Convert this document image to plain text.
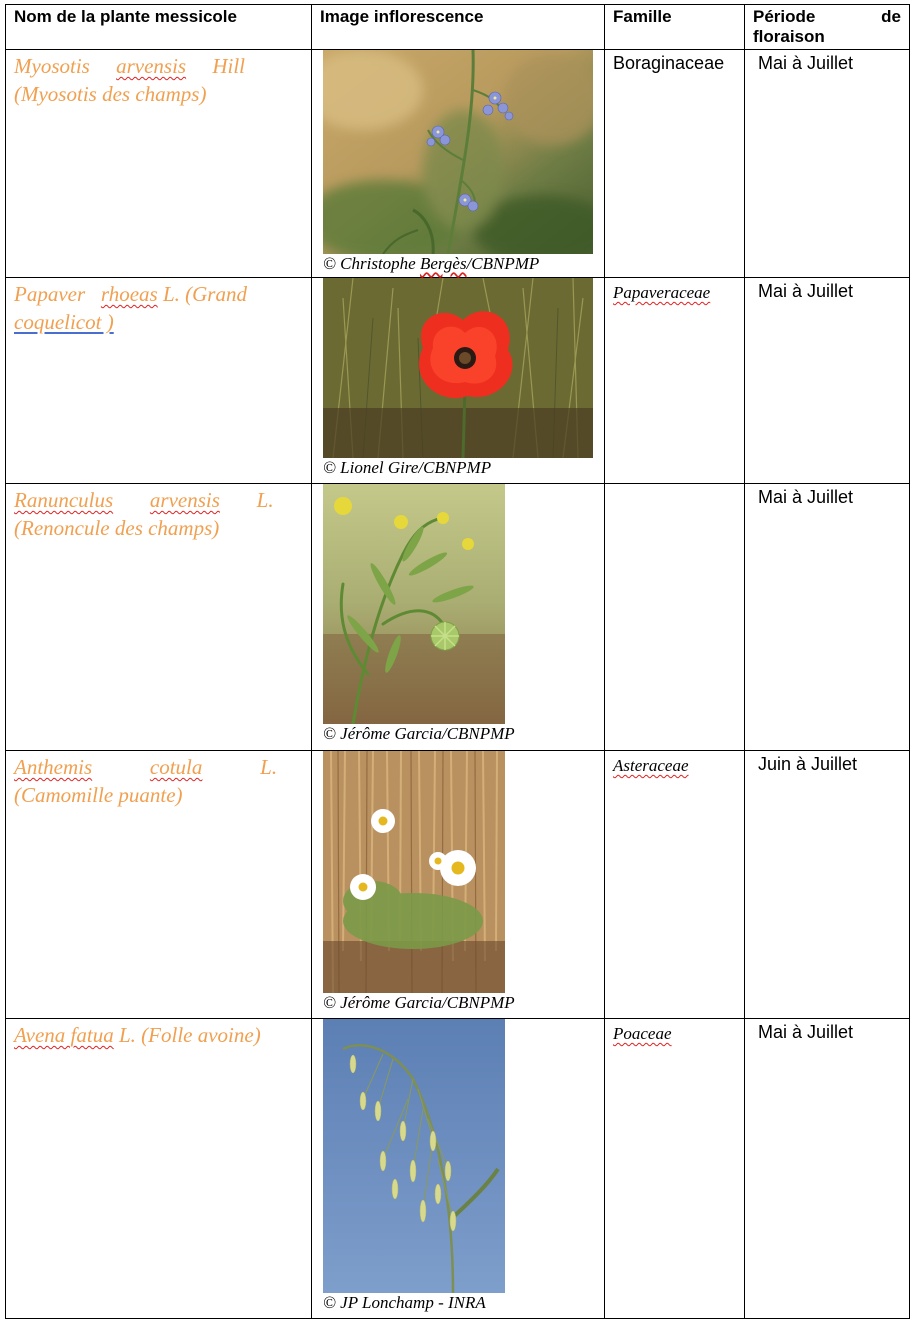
Nom de la plante messicole	Image inflorescence	Famille	Période de
floraison

Myosotis arvensis Hill
(Myosotis des champs)	© Christophe Bergès/CBNPMP	Boraginaceae	Mai à Juillet

Papaver rhoeas L. (Grand
coquelicot )	© Lionel Gire/CBNPMP	Papaveraceae	Mai à Juillet

Ranunculus arvensis L.
(Renoncule des champs)	© Jérôme Garcia/CBNPMP		Mai à Juillet

Anthemis cotula L.
(Camomille puante)	© Jérôme Garcia/CBNPMP	Asteraceae	Juin à Juillet

Avena fatua L. (Folle avoine)	© JP Lonchamp - INRA	Poaceae	Mai à Juillet
